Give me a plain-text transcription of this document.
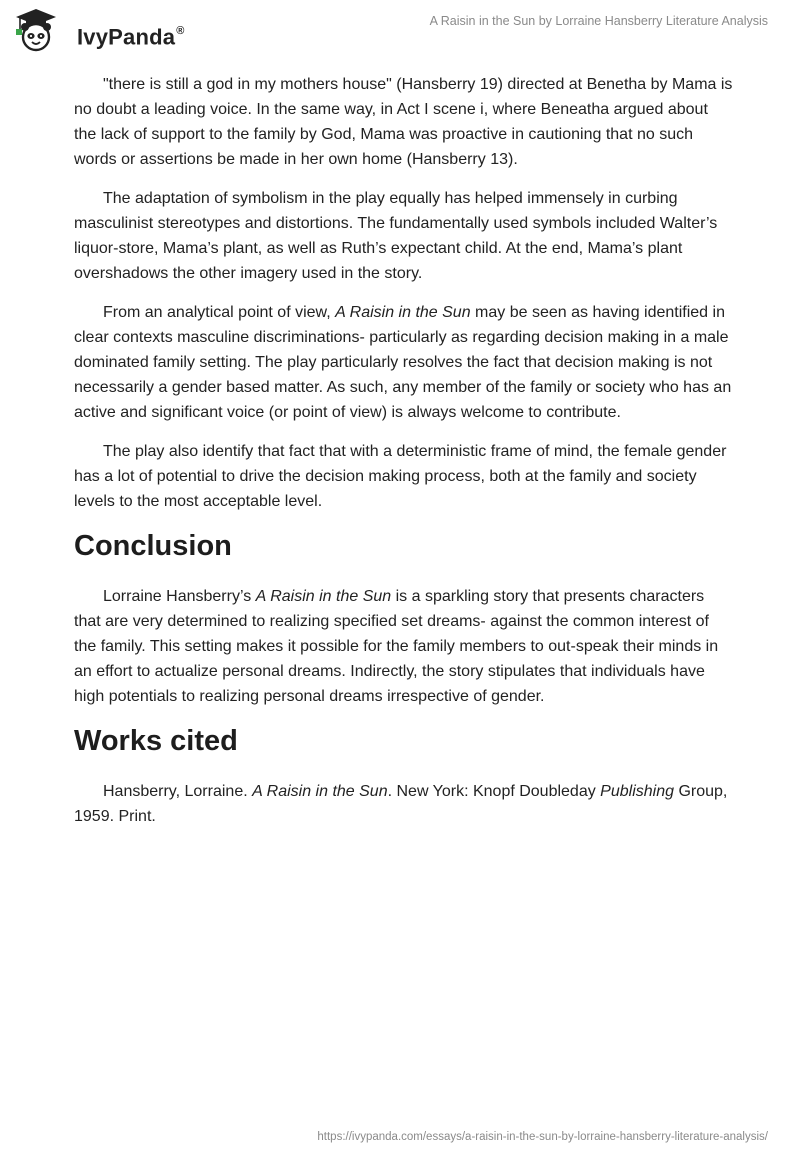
IvyPanda®
A Raisin in the Sun by Lorraine Hansberry Literature Analysis

"there is still a god in my mothers house" (Hansberry 19) directed at Benetha by Mama is no doubt a leading voice. In the same way, in Act I scene i, where Beneatha argued about the lack of support to the family by God, Mama was proactive in cautioning that no such words or assertions be made in her own home (Hansberry 13).

The adaptation of symbolism in the play equally has helped immensely in curbing masculinist stereotypes and distortions. The fundamentally used symbols included Walter’s liquor-store, Mama’s plant, as well as Ruth’s expectant child. At the end, Mama’s plant overshadows the other imagery used in the story.

From an analytical point of view, A Raisin in the Sun may be seen as having identified in clear contexts masculine discriminations- particularly as regarding decision making in a male dominated family setting. The play particularly resolves the fact that decision making is not necessarily a gender based matter. As such, any member of the family or society who has an active and significant voice (or point of view) is always welcome to contribute.

The play also identify that fact that with a deterministic frame of mind, the female gender has a lot of potential to drive the decision making process, both at the family and society levels to the most acceptable level.

Conclusion

Lorraine Hansberry’s A Raisin in the Sun is a sparkling story that presents characters that are very determined to realizing specified set dreams- against the common interest of the family. This setting makes it possible for the family members to out-speak their minds in an effort to actualize personal dreams. Indirectly, the story stipulates that individuals have high potentials to realizing personal dreams irrespective of gender.

Works cited

Hansberry, Lorraine. A Raisin in the Sun. New York: Knopf Doubleday Publishing Group, 1959. Print.

https://ivypanda.com/essays/a-raisin-in-the-sun-by-lorraine-hansberry-literature-analysis/
